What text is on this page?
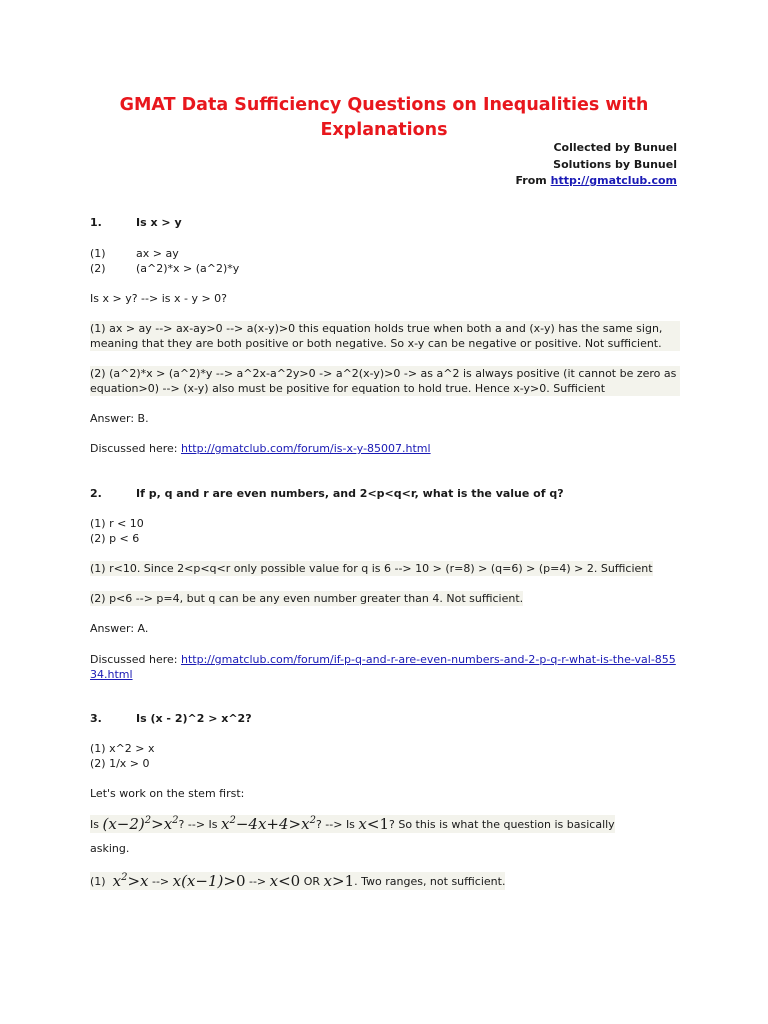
GMAT Data Sufficiency Questions on Inequalities with Explanations
Collected by Bunuel
Solutions by Bunuel
From http://gmatclub.com
1.	Is x > y
(1)	ax > ay
(2)	(a^2)*x > (a^2)*y
Is x > y? --> is x - y > 0?
(1) ax > ay --> ax-ay>0 --> a(x-y)>0 this equation holds true when both a and (x-y) has the same sign, meaning that they are both positive or both negative. So x-y can be negative or positive. Not sufficient.
(2) (a^2)*x > (a^2)*y --> a^2x-a^2y>0 -> a^2(x-y)>0 -> as a^2 is always positive (it cannot be zero as equation>0) --> (x-y) also must be positive for equation to hold true. Hence x-y>0. Sufficient
Answer: B.
Discussed here: http://gmatclub.com/forum/is-x-y-85007.html
2.	If p, q and r are even numbers, and 2<p<q<r, what is the value of q?
(1) r < 10
(2) p < 6
(1) r<10. Since 2<p<q<r only possible value for q is 6 --> 10 > (r=8) > (q=6) > (p=4) > 2. Sufficient
(2) p<6 --> p=4, but q can be any even number greater than 4. Not sufficient.
Answer: A.
Discussed here: http://gmatclub.com/forum/if-p-q-and-r-are-even-numbers-and-2-p-q-r-what-is-the-val-85534.html
3.	Is (x - 2)^2 > x^2?
(1) x^2 > x
(2) 1/x > 0
Let's work on the stem first:
Is
$(x-2)^2>x^2$ ? --> Is
$x^2-4x+4>x^2$ ? --> Is
x<1 ? So this is what the question is basically
asking.
(1)
$x^2>x$
-->
x(x−1)>0
-->
x<0
OR
x>1 . Two ranges, not sufficient.
